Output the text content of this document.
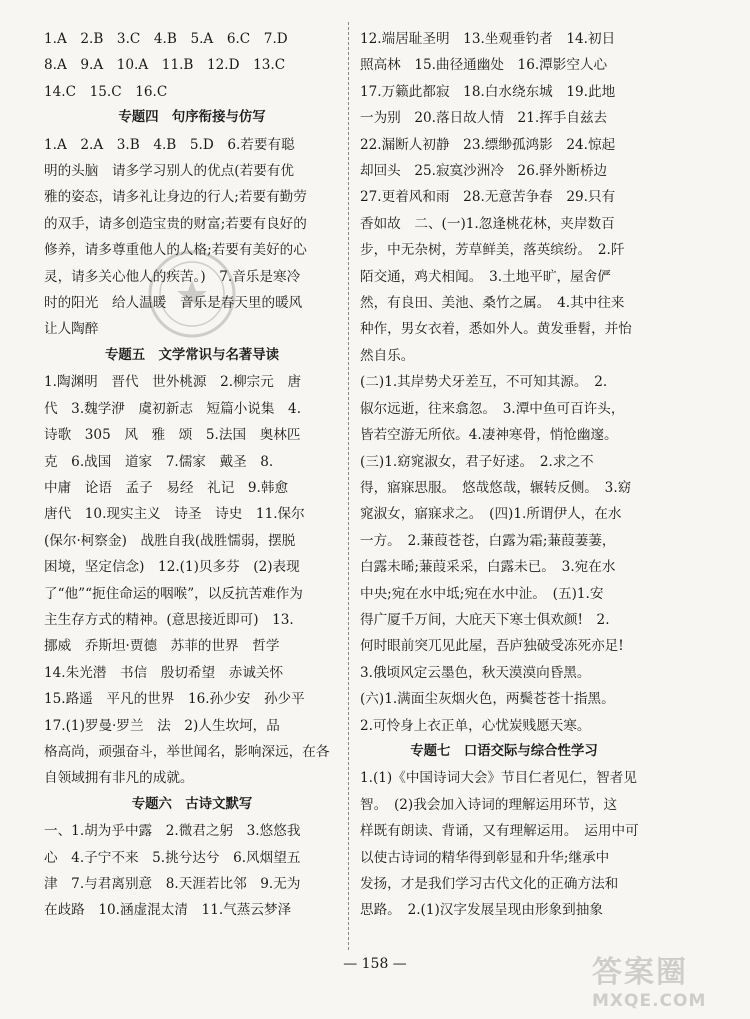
1.A　2.B　3.C　4.B　5.A　6.C　7.D
8.A　9.A　10.A　11.B　12.D　13.C
14.C　15.C　16.C
专题四　句序衔接与仿写
1.A　2.A　3.B　4.B　5.D　6.若要有聪
明的头脑　请多学习别人的优点(若要有优
雅的姿态，请多礼让身边的行人;若要有勤劳
的双手，请多创造宝贵的财富;若要有良好的
修养，请多尊重他人的人格;若要有美好的心
灵，请多关心他人的疾苦。)　7.音乐是寒冷
时的阳光　给人温暖　音乐是春天里的暖风
让人陶醉
专题五　文学常识与名著导读
1.陶渊明　晋代　世外桃源　2.柳宗元　唐
代　3.魏学洢　虞初新志　短篇小说集　4.
诗歌　305　风　雅　颂　5.法国　奥林匹
克　6.战国　道家　7.儒家　戴圣　8.
中庸　论语　孟子　易经　礼记　9.韩愈
唐代　10.现实主义　诗圣　诗史　11.保尔
(保尔·柯察金)　战胜自我(战胜懦弱，摆脱
困境，坚定信念)　12.(1)贝多芬　(2)表现
了“他”“扼住命运的咽喉”，以反抗苦难作为
主生存方式的精神。(意思接近即可)　13.
挪威　乔斯坦·贾德　苏菲的世界　哲学
14.朱光潜　书信　殷切希望　赤诚关怀
15.路遥　平凡的世界　16.孙少安　孙少平
17.(1)罗曼·罗兰　法　2)人生坎坷，品
格高尚，顽强奋斗，举世闻名，影响深远，在各
自领域拥有非凡的成就。
专题六　古诗文默写
一、1.胡为乎中露　2.微君之躬　3.悠悠我
心　4.子宁不来　5.挑兮达兮　6.风烟望五
津　7.与君离别意　8.天涯若比邻　9.无为
在歧路　10.涵虚混太清　11.气蒸云梦泽
12.端居耻圣明　13.坐观垂钓者　14.初日
照高林　15.曲径通幽处　16.潭影空人心
17.万籁此都寂　18.白水绕东城　19.此地
一为别　20.落日故人情　21.挥手自兹去
22.漏断人初静　23.缥缈孤鸿影　24.惊起
却回头　25.寂寞沙洲冷　26.驿外断桥边
27.更着风和雨　28.无意苦争春　29.只有
香如故　二、(一)1.忽逢桃花林，夹岸数百
步，中无杂树，芳草鲜美，落英缤纷。　2.阡
陌交通，鸡犬相闻。　3.土地平旷，屋舍俨
然，有良田、美池、桑竹之属。　4.其中往来
种作，男女衣着，悉如外人。黄发垂髫，并怡
然自乐。
(二)1.其岸势犬牙差互，不可知其源。　2.
俶尔远逝，往来翕忽。　3.潭中鱼可百许头，
皆若空游无所依。4.凄神寒骨，悄怆幽邃。
(三)1.窈窕淑女，君子好逑。　2.求之不
得，寤寐思服。　悠哉悠哉，辗转反侧。　3.窈
窕淑女，寤寐求之。　(四)1.所谓伊人，在水
一方。　2.蒹葭苍苍，白露为霜;蒹葭萋萋，
白露未晞;蒹葭采采，白露未已。　3.宛在水
中央;宛在水中坻;宛在水中沚。　(五)1.安
得广厦千万间，大庇天下寒士俱欢颜!　2.
何时眼前突兀见此屋，吾庐独破受冻死亦足!
3.俄顷风定云墨色，秋天漠漠向昏黑。
(六)1.满面尘灰烟火色，两鬓苍苍十指黑。
2.可怜身上衣正单，心忧炭贱愿天寒。
专题七　口语交际与综合性学习
1.(1)《中国诗词大会》节目仁者见仁，智者见
智。　(2)我会加入诗词的理解运用环节，这
样既有朗读、背诵，又有理解运用。　运用中可
以使古诗词的精华得到彰显和升华;继承中
发扬，才是我们学习古代文化的正确方法和
思路。　2.(1)汉字发展呈现由形象到抽象
— 158 —	答案圈
MXQE.COM
